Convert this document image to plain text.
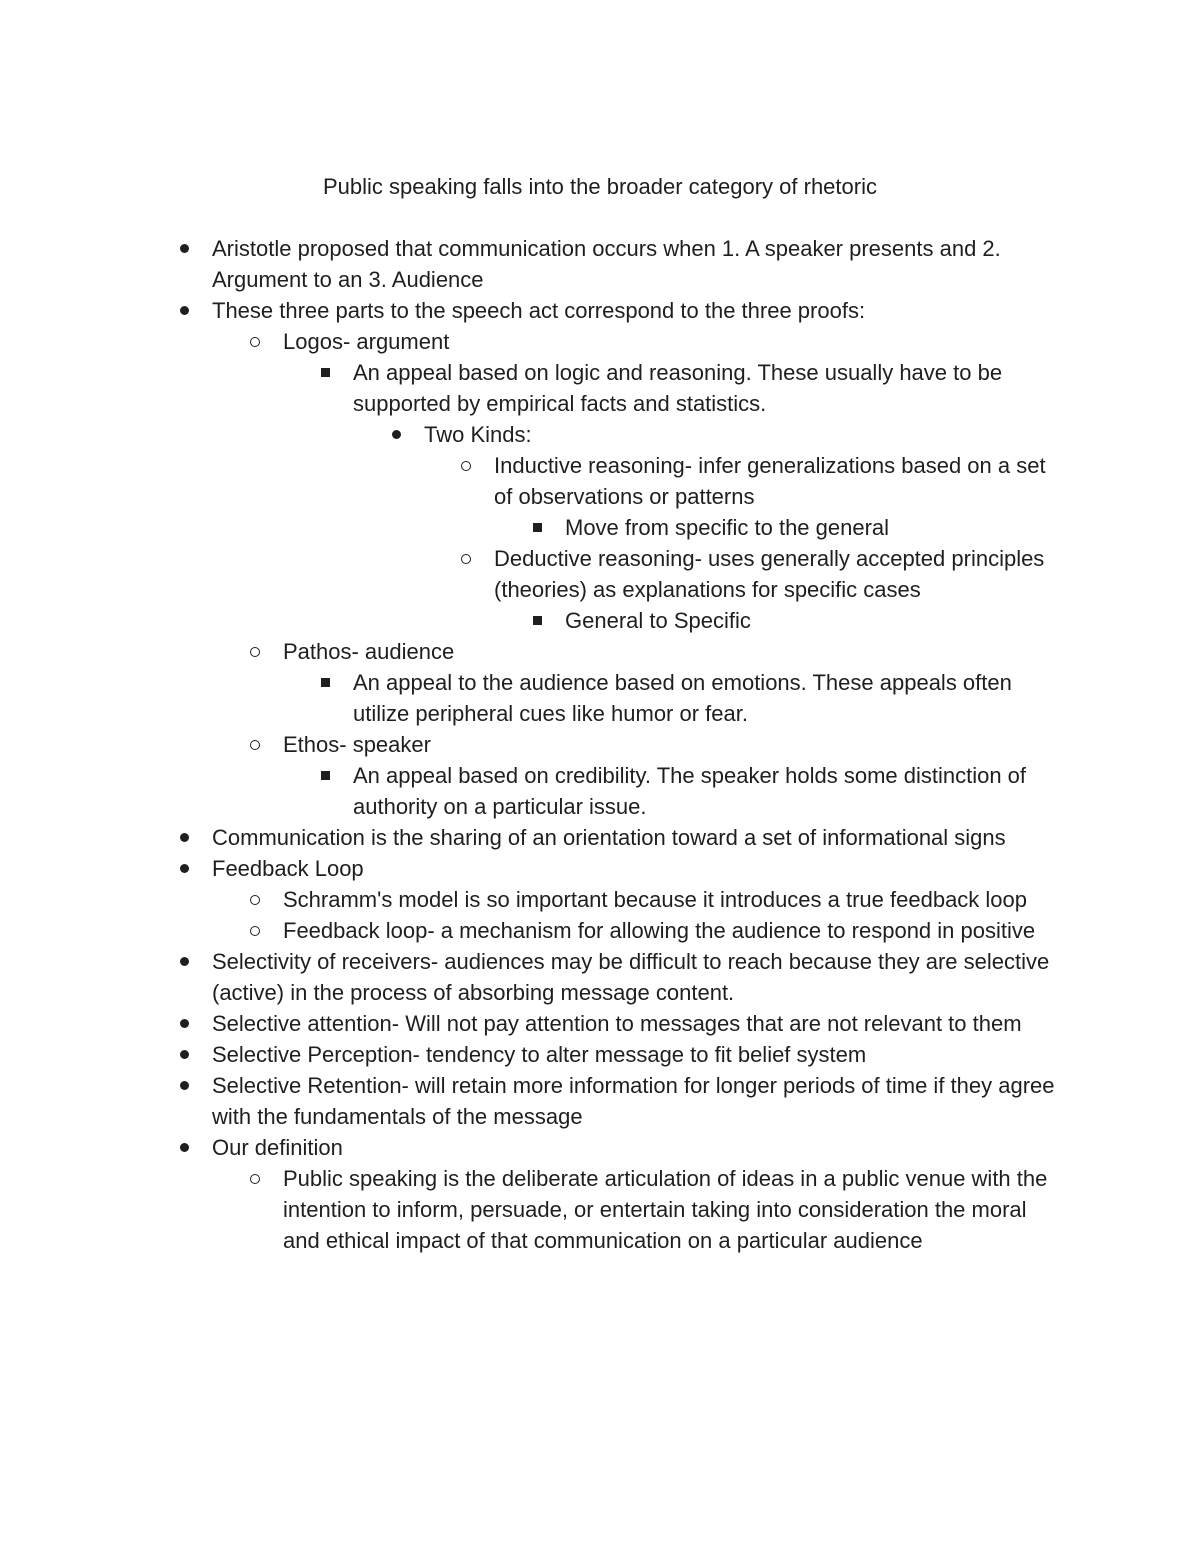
Public speaking falls into the broader category of rhetoric
Aristotle proposed that communication occurs when 1. A speaker presents and 2. Argument to an 3. Audience
These three parts to the speech act correspond to the three proofs:
Logos- argument
An appeal based on logic and reasoning. These usually have to be supported by empirical facts and statistics.
Two Kinds:
Inductive reasoning- infer generalizations based on a set of observations or patterns
Move from specific to the general
Deductive reasoning- uses generally accepted principles (theories) as explanations for specific cases
General to Specific
Pathos- audience
An appeal to the audience based on emotions. These appeals often utilize peripheral cues like humor or fear.
Ethos- speaker
An appeal based on credibility. The speaker holds some distinction of authority on a particular issue.
Communication is the sharing of an orientation toward a set of informational signs
Feedback Loop
Schramm's model is so important because it introduces a true feedback loop
Feedback loop- a mechanism for allowing the audience to respond in positive
Selectivity of receivers- audiences may be difficult to reach because they are selective (active) in the process of absorbing message content.
Selective attention- Will not pay attention to messages that are not relevant to them
Selective Perception- tendency to alter message to fit belief system
Selective Retention- will retain more information for longer periods of time if they agree with the fundamentals of the message
Our definition
Public speaking is the deliberate articulation of ideas in a public venue with the intention to inform, persuade, or entertain taking into consideration the moral and ethical impact of that communication on a particular audience
